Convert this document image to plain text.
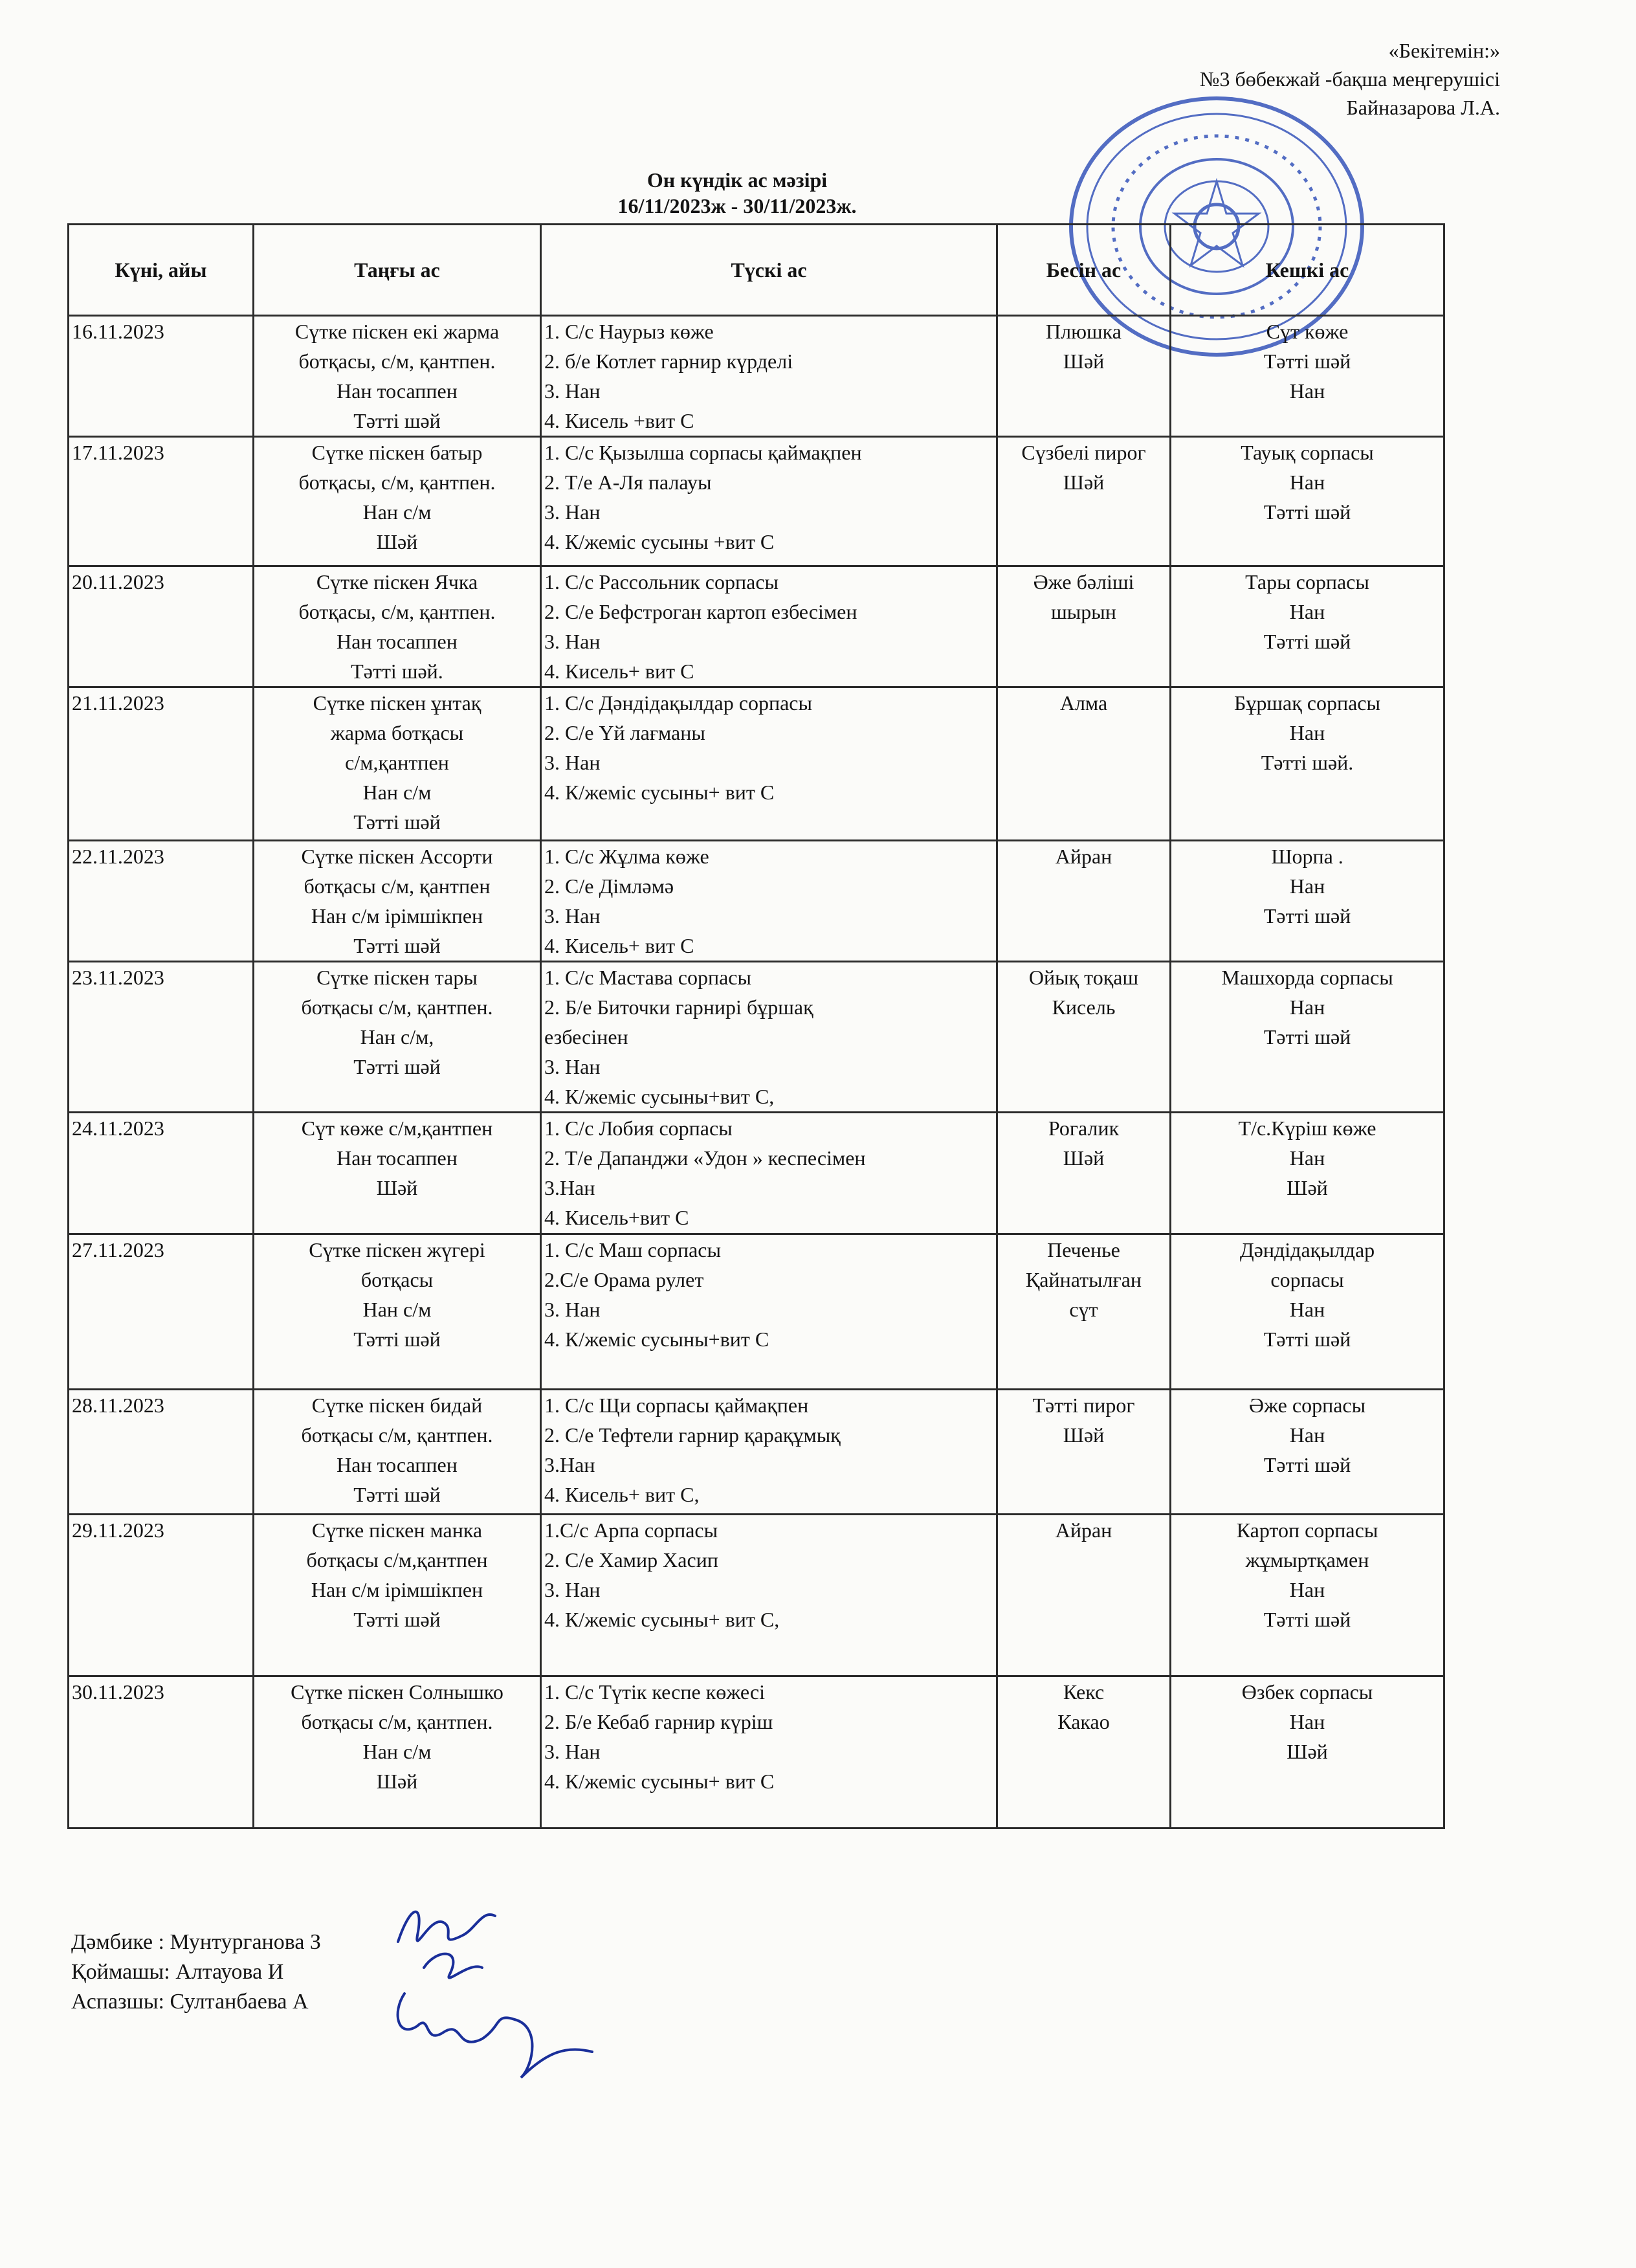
«Бекітемін:»
№3 бөбекжай -бақша меңгерушісі
Байназарова Л.А.
Он күндік ас мәзірі
16/11/2023ж - 30/11/2023ж.
Күні, айы	Таңғы ас	Түскі ас	Бесін ас	Кешкі ас
16.11.2023	Сүтке піскен екі жарма
ботқасы, с/м, қантпен.
Нан тосаппен
Тәтті шәй	1. С/с Наурыз көже
2. б/е Котлет гарнир күрделі
3. Нан
4. Кисель +вит С	Плюшка
Шәй	Сүт көже
Тәтті шәй
Нан

17.11.2023	Сүтке піскен батыр
ботқасы, с/м, қантпен.
Нан с/м
Шәй	1. С/с Қызылша сорпасы қаймақпен
2. Т/е А-Ля палауы
3. Нан
4. К/жеміс сусыны +вит С	Сүзбелі пирог
Шәй	Тауық сорпасы
Нан
Тәтті шәй

20.11.2023	Сүтке піскен Ячка
ботқасы, с/м, қантпен.
Нан тосаппен
Тәтті шәй.	1. С/с Рассольник сорпасы
2. С/е Бефстроган картоп езбесімен
3. Нан
4. Кисель+ вит С	Әже бәліші
шырын	Тары сорпасы
Нан
Тәтті шәй

21.11.2023	Сүтке піскен ұнтақ
жарма ботқасы
с/м,қантпен
Нан с/м
Тәтті шәй	1. С/с Дәндідақылдар сорпасы
2. С/е Үй лағманы
3. Нан
4. К/жеміс сусыны+ вит С	Алма	Бұршақ сорпасы
Нан
Тәтті шәй.

22.11.2023	Сүтке піскен Ассорти
ботқасы с/м, қантпен
Нан с/м ірімшікпен
Тәтті шәй	1. С/с Жұлма көже
2. С/е Дімләмә
3. Нан
4. Кисель+ вит С	Айран	Шорпа .
Нан
Тәтті шәй

23.11.2023	Сүтке піскен тары
ботқасы с/м, қантпен.
Нан с/м,
Тәтті шәй	1. С/с Мастава сорпасы
2. Б/е Биточки гарнирі бұршақ
езбесінен
3. Нан
4. К/жеміс сусыны+вит С,	Ойық тоқаш
Кисель	Машхорда сорпасы
Нан
Тәтті шәй

24.11.2023	Сүт көже с/м,қантпен
Нан тосаппен
Шәй	1. С/с Лобия сорпасы
2. Т/е Дапанджи «Удон » кеспесімен
3.Нан
4. Кисель+вит С	Рогалик
Шәй	Т/с.Күріш көже
Нан
Шәй

27.11.2023	Сүтке піскен жүгері
ботқасы
Нан с/м
Тәтті шәй	1. С/с Маш сорпасы
2.С/е Орама рулет
3. Нан
4. К/жеміс сусыны+вит С	Печенье
Қайнатылған
сүт	Дәндідақылдар
сорпасы
Нан
Тәтті шәй

28.11.2023	Сүтке піскен бидай
ботқасы с/м, қантпен.
Нан тосаппен
Тәтті шәй	1. С/с Щи сорпасы қаймақпен
2. С/е Тефтели гарнир қарақұмық
3.Нан
4. Кисель+ вит С,	Тәтті пирог
Шәй	Әже сорпасы
Нан
Тәтті шәй

29.11.2023	Сүтке піскен манка
ботқасы с/м,қантпен
Нан с/м ірімшікпен
Тәтті шәй	1.С/с Арпа сорпасы
2. С/е Хамир Хасип
3. Нан
4. К/жеміс сусыны+ вит С,	Айран	Картоп сорпасы
жұмыртқамен
Нан
Тәтті шәй

30.11.2023	Сүтке піскен Солнышко
ботқасы с/м, қантпен.
Нан с/м
Шәй	1. С/с Түтік кеспе көжесі
2. Б/е Кебаб гарнир күріш
3. Нан
4. К/жеміс сусыны+ вит С	Кекс
Какао	Өзбек сорпасы
Нан
Шәй
Дәмбике : Мунтурганова З
Қоймашы: Алтауова И
Аспазшы: Султанбаева А
